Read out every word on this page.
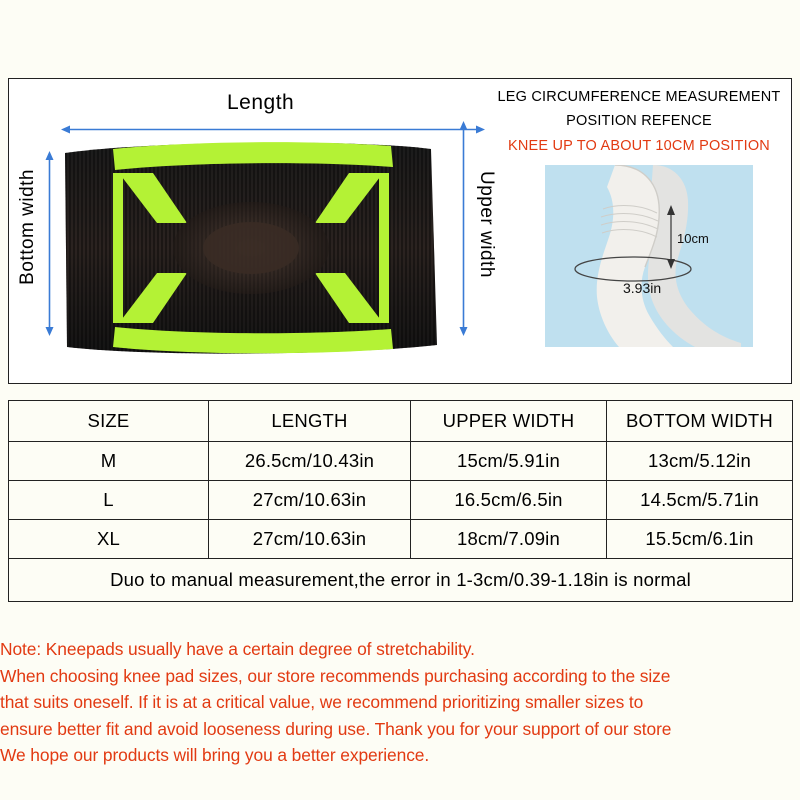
Length
Bottom width	Upper width
LEG CIRCUMFERENCE MEASUREMENT
POSITION REFENCE
KNEE UP TO ABOUT 10CM POSITION
10cm
3.93in
SIZE	LENGTH	UPPER WIDTH	BOTTOM WIDTH
M	26.5cm/10.43in	15cm/5.91in	13cm/5.12in
L	27cm/10.63in	16.5cm/6.5in	14.5cm/5.71in
XL	27cm/10.63in	18cm/7.09in	15.5cm/6.1in
Duo to manual measurement,the error in 1-3cm/0.39-1.18in is normal			

Note: Kneepads usually have a certain degree of stretchability.

When choosing knee pad sizes, our store recommends purchasing according to the size

that suits oneself. If it is at a critical value, we recommend prioritizing smaller sizes to

ensure better fit and avoid looseness during use. Thank you for your support of our store

We hope our products will bring you a better experience.
